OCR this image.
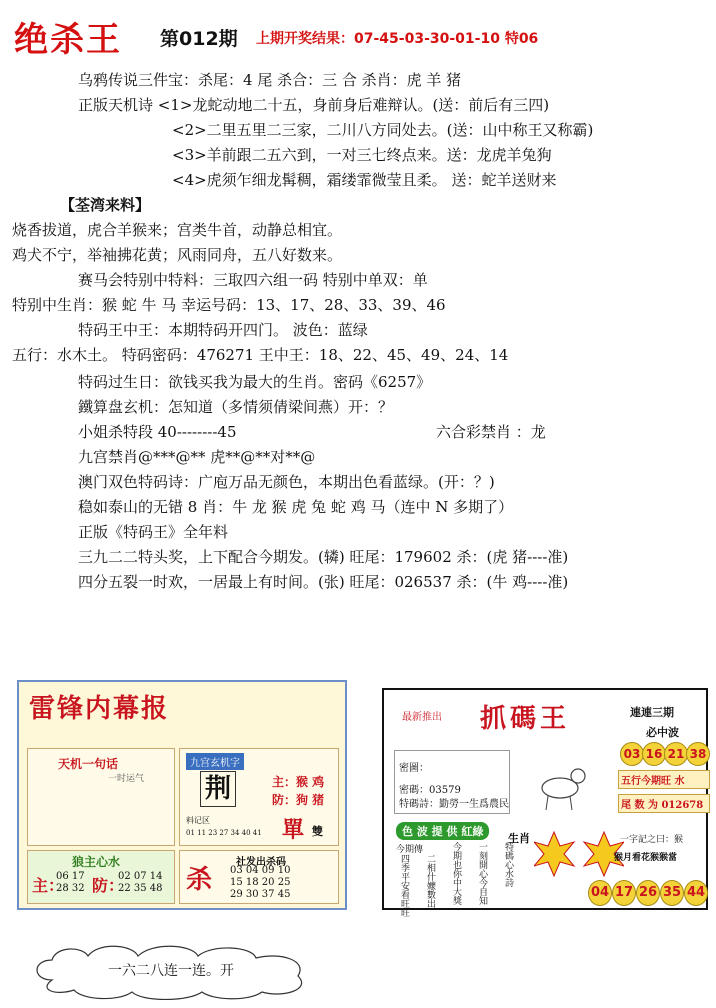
绝杀王 第012期 上期开奖结果：07-45-03-30-01-10 特06
乌鸦传说三件宝：杀尾：4 尾 杀合：三 合 杀肖：虎 羊 猪
正版天机诗 <1>龙蛇动地二十五，身前身后难辩认。(送：前后有三四)
<2>二里五里二三家，二川八方同处去。(送：山中称王又称霸)
<3>羊前跟二五六到，一对三七终点来。送：龙虎羊兔狗
<4>虎须乍细龙髯稠，霜缕霏微莹且柔。 送：蛇羊送财来
【荃湾来料】
烧香拔道，虎合羊猴来；宫类牛首，动静总相宜。
鸡犬不宁，举袖拂花黄；风雨同舟，五八好数来。
赛马会特别中特料：三取四六组一码 特别中单双：单
特别中生肖：猴 蛇 牛 马 幸运号码：13、17、28、33、39、46
特码王中王：本期特码开四门。 波色：蓝绿
五行：水木土。 特码密码：476271 王中王：18、22、45、49、24、14
特码过生日：欲钱买我为最大的生肖。密码《6257》
鐵算盘玄机：怎知道（多情须倩梁间燕）开：？
小姐杀特段 40--------45	六合彩禁肖 ：龙
九宫禁肖@***@** 虎**@**对**@
澳门双色特码诗：广庖万品无颜色，本期出色看蓝绿。(开：？)
稳如泰山的无错 8 肖：牛 龙 猴 虎 兔 蛇 鸡 马（连中 N 多期了）
正版《特码王》全年料
三九二二特头奖，上下配合今期发。(辚) 旺尾：179602 杀：(虎 猪----准)
四分五裂一时欢，一居最上有时间。(张) 旺尾：026537 杀：(牛 鸡----准)
雷锋内幕报
天机一句话
一时运气
狼主心水
主：
06 17
28 32 防：
02 07 14
22 35 48
九宫玄机字
荆	主：猴 鸡
防：狗 猪
料记区
01 11 23 27 34 40 41 單 雙
杀
社发出杀码
03 04 09 10
15 18 20 25
29 30 37 45
最新推出 抓碼王	連連三期
必中波
03 16 21 38
密圖：
密碼：03579
特碼詩：勤勞一生爲農民
五行今期旺 水
尾 数 为 012678
色 波 提 供 紅綠
今期傳
四季平安看旺旺 二相什嬤數出 今期也你中大獎 一刻開心今自知 特碼心水詩
生肖	一字記之曰：猴
猴月看花猴猴當
04 17 26 35 44
一六二八连一连。开
